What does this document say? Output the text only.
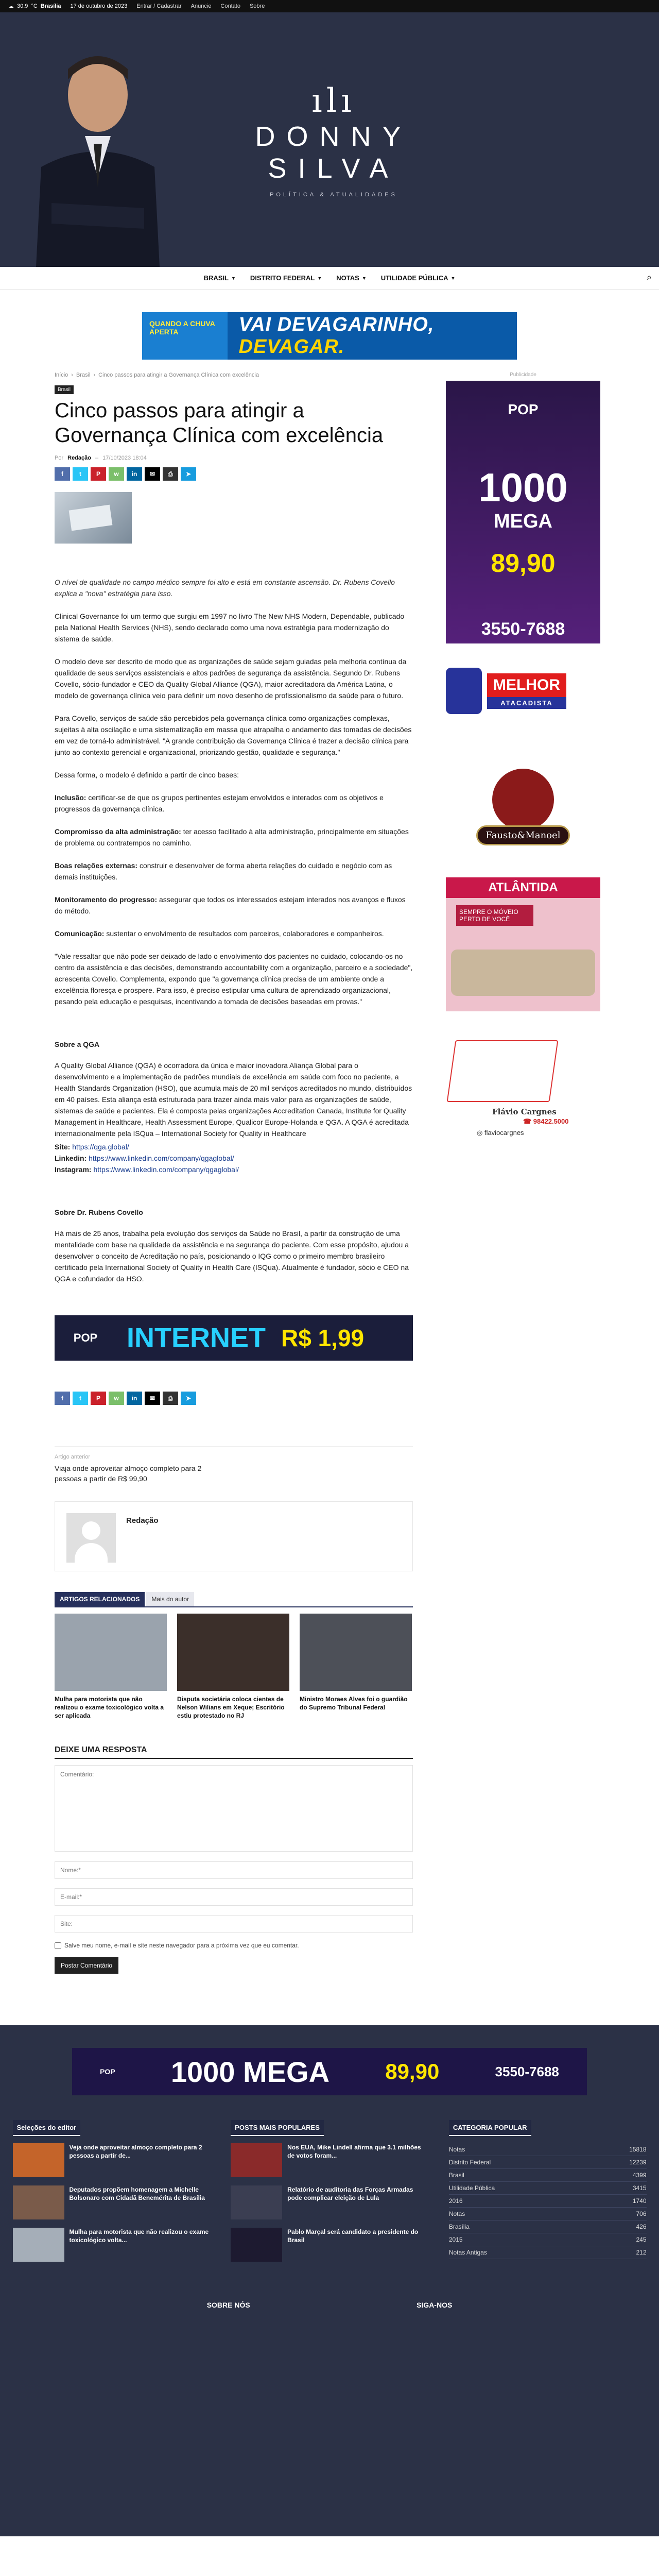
☁ 30.9 °C Brasília 17 de outubro de 2023 Entrar / Cadastrar Anuncie Contato Sobre
ılı
DONNY SILVA
POLÍTICA & ATUALIDADES
BRASIL ▼ DISTRITO FEDERAL ▼ NOTAS ▼ UTILIDADE PÚBLICA ▼	⌕
QUANDO A CHUVA APERTA	VAI DEVAGARINHO, DEVAGAR.
Início › Brasil › Cinco passos para atingir a Governança Clínica com excelência
Brasil
Cinco passos para atingir a Governança Clínica com excelência
Por Redação – 17/10/2023 18:04
f	t	P	w	in	✉	⎙	➤

O nível de qualidade no campo médico sempre foi alto e está em constante ascensão. Dr. Rubens Covello explica a "nova" estratégia para isso.

Clinical Governance foi um termo que surgiu em 1997 no livro The New NHS Modern, Dependable, publicado pela National Health Services (NHS), sendo declarado como uma nova estratégia para modernização do sistema de saúde.

O modelo deve ser descrito de modo que as organizações de saúde sejam guiadas pela melhoria contínua da qualidade de seus serviços assistenciais e altos padrões de segurança da assistência. Segundo Dr. Rubens Covello, sócio-fundador e CEO da Quality Global Alliance (QGA), maior acreditadora da América Latina, o modelo de governança clínica veio para definir um novo desenho de profissionalismo da saúde para o futuro.

Para Covello, serviços de saúde são percebidos pela governança clínica como organizações complexas, sujeitas à alta oscilação e uma sistematização em massa que atrapalha o andamento das tomadas de decisões em vez de torná-lo administrável. "A grande contribuição da Governança Clínica é trazer a decisão clínica para junto ao contexto gerencial e organizacional, priorizando gestão, qualidade e segurança."

Dessa forma, o modelo é definido a partir de cinco bases:

Inclusão: certificar-se de que os grupos pertinentes estejam envolvidos e interados com os objetivos e progressos da governança clínica.

Compromisso da alta administração: ter acesso facilitado à alta administração, principalmente em situações de problema ou contratempos no caminho.

Boas relações externas: construir e desenvolver de forma aberta relações do cuidado e negócio com as demais instituições.

Monitoramento do progresso: assegurar que todos os interessados estejam interados nos avanços e fluxos do método.

Comunicação: sustentar o envolvimento de resultados com parceiros, colaboradores e companheiros.

"Vale ressaltar que não pode ser deixado de lado o envolvimento dos pacientes no cuidado, colocando-os no centro da assistência e das decisões, demonstrando accountability com a organização, parceiro e a sociedade", acrescenta Covello. Complementa, expondo que "a governança clínica precisa de um ambiente onde a excelência floresça e prospere. Para isso, é preciso estipular uma cultura de aprendizado organizacional, pesando pela educação e pesquisas, incentivando a tomada de decisões baseadas em provas."

Sobre a QGA

A Quality Global Alliance (QGA) é ocorradora da única e maior inovadora Aliança Global para o desenvolvimento e a implementação de padrões mundiais de excelência em saúde com foco no paciente, a Health Standards Organization (HSO), que acumula mais de 20 mil serviços acreditados no mundo, distribuídos em 40 países. Esta aliança está estruturada para trazer ainda mais valor para as organizações de saúde, sistemas de saúde e pacientes. Ela é composta pelas organizações Accreditation Canada, Institute for Quality Management in Healthcare, Health Assessment Europe, Qualicor Europe-Holanda e QGA. A QGA é acreditada internacionalmente pela ISQua – International Society for Quality in Healthcare

Site: https://qga.global/
Linkedin: https://www.linkedin.com/company/qgaglobal/
Instagram: https://www.linkedin.com/company/qgaglobal/

Sobre Dr. Rubens Covello

Há mais de 25 anos, trabalha pela evolução dos serviços da Saúde no Brasil, a partir da construção de uma mentalidade com base na qualidade da assistência e na segurança do paciente. Com esse propósito, ajudou a desenvolver o conceito de Acreditação no país, posicionando o IQG como o primeiro membro brasileiro certificado pela International Society of Quality in Health Care (ISQua). Atualmente é fundador, sócio e CEO na QGA e cofundador da HSO.

POP	INTERNET R$ 1,99
f	t	P	w	in	✉	⎙	➤
Artigo anterior
Viaja onde aproveitar almoço completo para 2 pessoas a partir de R$ 99,90
Redação
ARTIGOS RELACIONADOS	Mais do autor
Mulha para motorista que não realizou o exame toxicológico volta a ser aplicada
Disputa societária coloca cientes de Nelson Wilians em Xeque; Escritório estiu protestado no RJ
Ministro Moraes Alves foi o guardião do Supremo Tribunal Federal
DEIXE UMA RESPOSTA
Comentário: Nome:* E-mail:* Site:
Salve meu nome, e-mail e site neste navegador para a próxima vez que eu comentar.
Postar Comentário
Publicidade
POP
1000
MEGA
89,90
3550-7688
MELHOR
ATACADISTA
Fausto&Manoel
ATLÂNTIDA
SEMPRE O MÓVEIO PERTO DE VOCÊ
Flávio Cargnes
☎ 98422.5000
◎ flaviocargnes
POP 1000 MEGA	89,90	3550-7688
Seleções do editor
Veja onde aproveitar almoço completo para 2 pessoas a partir de...
Deputados propõem homenagem a Michelle Bolsonaro com Cidadã Benemérita de Brasília
Mulha para motorista que não realizou o exame toxicológico volta...
POSTS MAIS POPULARES
Nos EUA, Mike Lindell afirma que 3.1 milhões de votos foram...
Relatório de auditoria das Forças Armadas pode complicar eleição de Lula
Pablo Marçal será candidato a presidente do Brasil
CATEGORIA POPULAR
Notas	15818
Distrito Federal	12239
Brasil	4399
Utilidade Pública	3415
2016	1740
Notas	706
Brasília	426
2015	245
Notas Antigas	212
SOBRE NÓS	SIGA-NOS
